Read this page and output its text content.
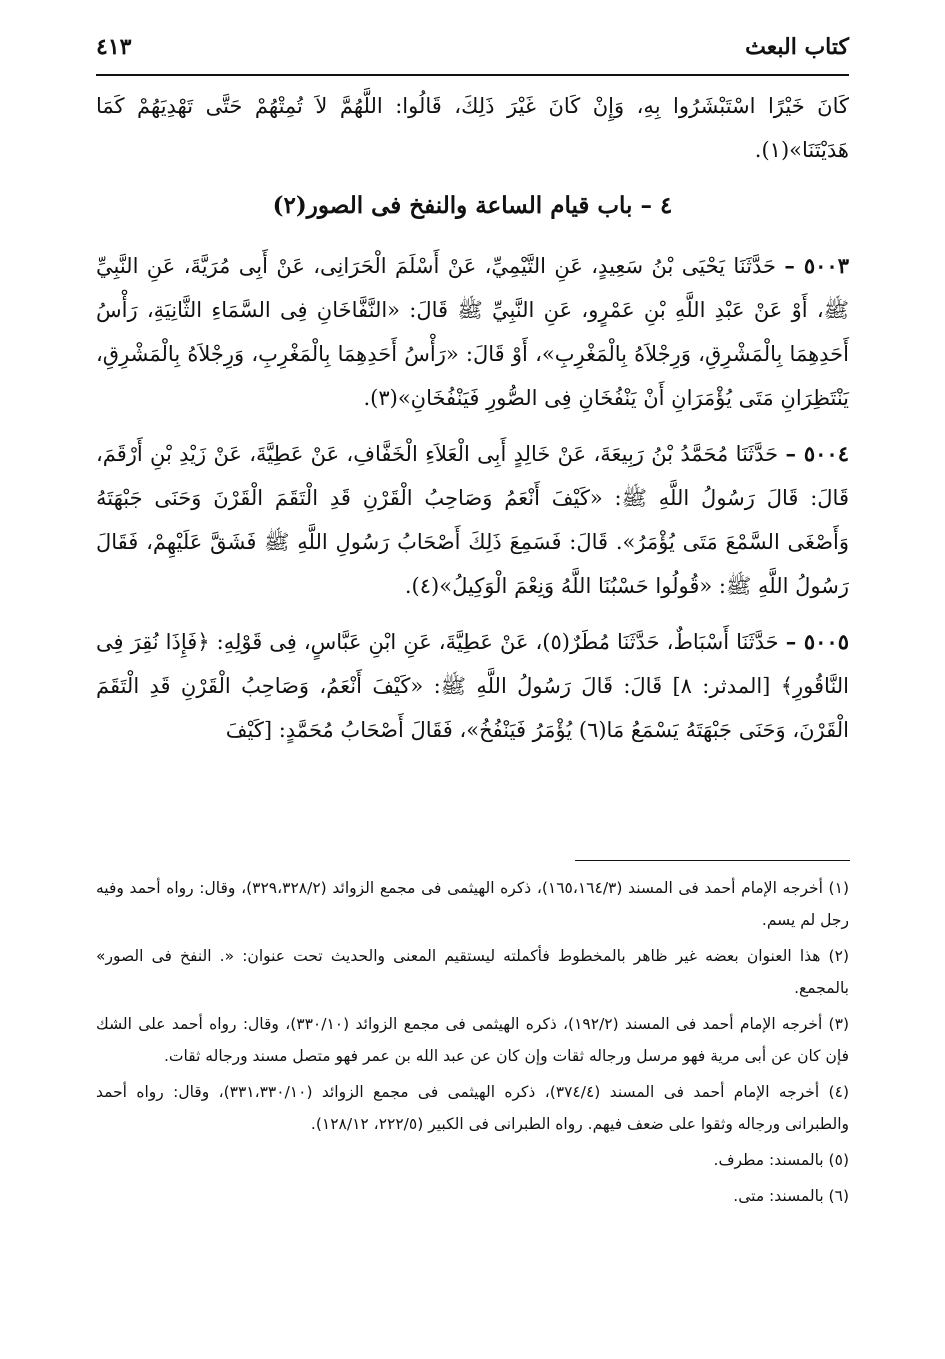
كتاب البعث
٤١٣

كَانَ خَيْرًا اسْتَبْشَرُوا بِهِ، وَإِنْ كَانَ غَيْرَ ذَلِكَ، قَالُوا: اللَّهُمَّ لاَ تُمِتْهُمْ حَتَّى تَهْدِيَهُمْ كَمَا هَدَيْتَنَا»(١).

٤ – باب قيام الساعة والنفخ فى الصور(٢)

٥٠٠٣ – حَدَّثَنَا يَحْيَى بْنُ سَعِيدٍ، عَنِ التَّيْمِيِّ، عَنْ أَسْلَمَ الْحَرَانِى، عَنْ أَبِى مُرَيَّةَ، عَنِ النَّبِيِّ ﷺ، أَوْ عَنْ عَبْدِ اللَّهِ بْنِ عَمْرٍو، عَنِ النَّبِيِّ ﷺ قَالَ: «النَّفَّاخَانِ فِى السَّمَاءِ الثَّانِيَةِ، رَأْسُ أَحَدِهِمَا بِالْمَشْرِقِ، وَرِجْلاَهُ بِالْمَغْرِبِ»، أَوْ قَالَ: «رَأْسُ أَحَدِهِمَا بِالْمَغْرِبِ، وَرِجْلاَهُ بِالْمَشْرِقِ، يَنْتَظِرَانِ مَتَى يُؤْمَرَانِ أَنْ يَنْفُخَانِ فِى الصُّورِ فَيَنْفُخَانِ»(٣).

٥٠٠٤ – حَدَّثَنَا مُحَمَّدُ بْنُ رَبِيعَةَ، عَنْ خَالِدٍ أَبِى الْعَلاَءِ الْخَفَّافِ، عَنْ عَطِيَّةَ، عَنْ زَيْدِ بْنِ أَرْقَمَ، قَالَ: قَالَ رَسُولُ اللَّهِ ﷺ: «كَيْفَ أَنْعَمُ وَصَاحِبُ الْقَرْنِ قَدِ الْتَقَمَ الْقَرْنَ وَحَنَى جَبْهَتَهُ وَأَصْغَى السَّمْعَ مَتَى يُؤْمَرُ». قَالَ: فَسَمِعَ ذَلِكَ أَصْحَابُ رَسُولِ اللَّهِ ﷺ فَشَقَّ عَلَيْهِمْ، فَقَالَ رَسُولُ اللَّهِ ﷺ: «قُولُوا حَسْبُنَا اللَّهُ وَنِعْمَ الْوَكِيلُ»(٤).

٥٠٠٥ – حَدَّثَنَا أَسْبَاطٌ، حَدَّثَنَا مُطَرٌ(٥)، عَنْ عَطِيَّةَ، عَنِ ابْنِ عَبَّاسٍ، فِى قَوْلِهِ: ﴿فَإِذَا نُقِرَ فِى النَّاقُورِ﴾ [المدثر: ٨] قَالَ: قَالَ رَسُولُ اللَّهِ ﷺ: «كَيْفَ أَنْعَمُ، وَصَاحِبُ الْقَرْنِ قَدِ الْتَقَمَ الْقَرْنَ، وَحَنَى جَبْهَتَهُ يَسْمَعُ مَا(٦) يُؤْمَرُ فَيَنْفُخُ»، فَقَالَ أَصْحَابُ مُحَمَّدٍ: [كَيْفَ

(١) أخرجه الإمام أحمد فى المسند (١٦٥،١٦٤/٣)، ذكره الهيثمى فى مجمع الزوائد (٣٢٩،٣٢٨/٢)، وقال: رواه أحمد وفيه رجل لم يسم.
(٢) هذا العنوان بعضه غير ظاهر بالمخطوط فأكملته ليستقيم المعنى والحديث تحت عنوان: «. النفخ فى الصور» بالمجمع.
(٣) أخرجه الإمام أحمد فى المسند (١٩٢/٢)، ذكره الهيثمى فى مجمع الزوائد (٣٣٠/١٠)، وقال: رواه أحمد على الشك فإن كان عن أبى مرية فهو مرسل ورجاله ثقات وإن كان عن عبد الله بن عمر فهو متصل مسند ورجاله ثقات.
(٤) أخرجه الإمام أحمد فى المسند (٣٧٤/٤)، ذكره الهيثمى فى مجمع الزوائد (٣٣١،٣٣٠/١٠)، وقال: رواه أحمد والطبرانى ورجاله وثقوا على ضعف فيهم. رواه الطبرانى فى الكبير (٢٢٢/٥، ١٢٨/١٢).
(٥) بالمسند: مطرف.
(٦) بالمسند: متى.
